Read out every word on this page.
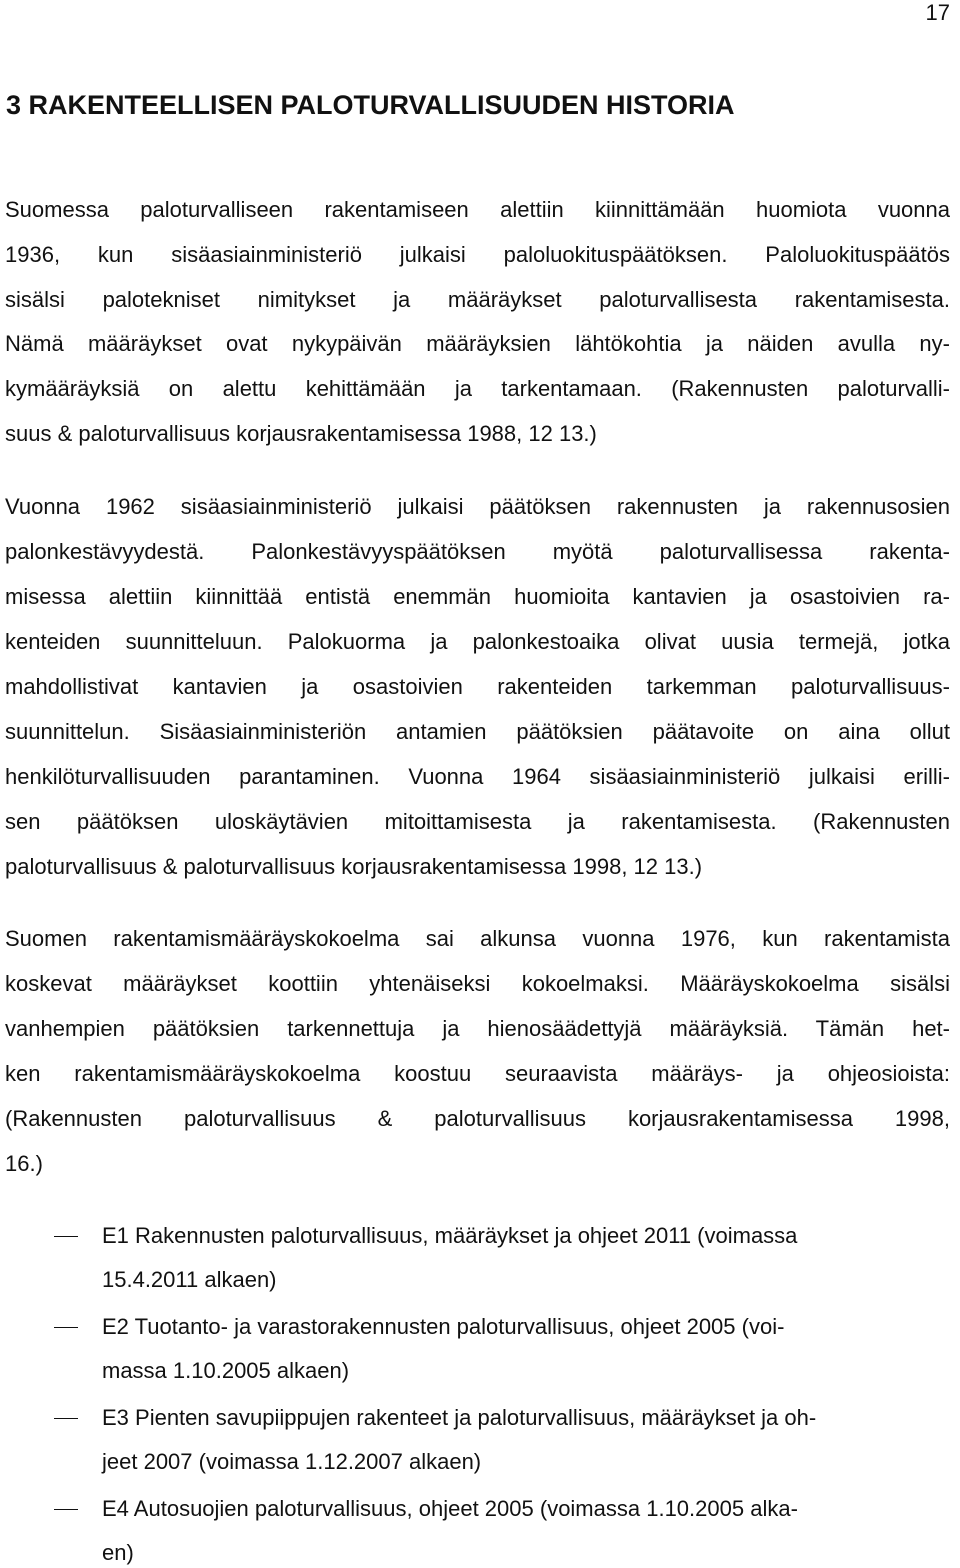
17
3 RAKENTEELLISEN PALOTURVALLISUUDEN HISTORIA
Suomessa paloturvalliseen rakentamiseen alettiin kiinnittämään huomiota vuonna
1936, kun sisäasiainministeriö julkaisi paloluokituspäätöksen. Paloluokituspäätös
sisälsi palotekniset nimitykset ja määräykset paloturvallisesta rakentamisesta.
Nämä määräykset ovat nykypäivän määräyksien lähtökohtia ja näiden avulla ny-
kymääräyksiä on alettu kehittämään ja tarkentamaan. (Rakennusten paloturvalli-
suus & paloturvallisuus korjausrakentamisessa 1988, 12 13.)
Vuonna 1962 sisäasiainministeriö julkaisi päätöksen rakennusten ja rakennusosien
palonkestävyydestä. Palonkestävyyspäätöksen myötä paloturvallisessa rakenta-
misessa alettiin kiinnittää entistä enemmän huomioita kantavien ja osastoivien ra-
kenteiden suunnitteluun. Palokuorma ja palonkestoaika olivat uusia termejä, jotka
mahdollistivat kantavien ja osastoivien rakenteiden tarkemman paloturvallisuus-
suunnittelun. Sisäasiainministeriön antamien päätöksien päätavoite on aina ollut
henkilöturvallisuuden parantaminen. Vuonna 1964 sisäasiainministeriö julkaisi erilli-
sen päätöksen uloskäytävien mitoittamisesta ja rakentamisesta. (Rakennusten
paloturvallisuus & paloturvallisuus korjausrakentamisessa 1998, 12 13.)
Suomen rakentamismääräyskokoelma sai alkunsa vuonna 1976, kun rakentamista
koskevat määräykset koottiin yhtenäiseksi kokoelmaksi. Määräyskokoelma sisälsi
vanhempien päätöksien tarkennettuja ja hienosäädettyjä määräyksiä. Tämän het-
ken rakentamismääräyskokoelma koostuu seuraavista määräys- ja ohjeosioista:
(Rakennusten paloturvallisuus & paloturvallisuus korjausrakentamisessa 1998,
16.)
E1 Rakennusten paloturvallisuus, määräykset ja ohjeet 2011 (voimassa
15.4.2011 alkaen)
E2 Tuotanto- ja varastorakennusten paloturvallisuus, ohjeet 2005 (voi-
massa 1.10.2005 alkaen)
E3 Pienten savupiippujen rakenteet ja paloturvallisuus, määräykset ja oh-
jeet 2007 (voimassa 1.12.2007 alkaen)
E4 Autosuojien paloturvallisuus, ohjeet 2005 (voimassa 1.10.2005 alka-
en)
